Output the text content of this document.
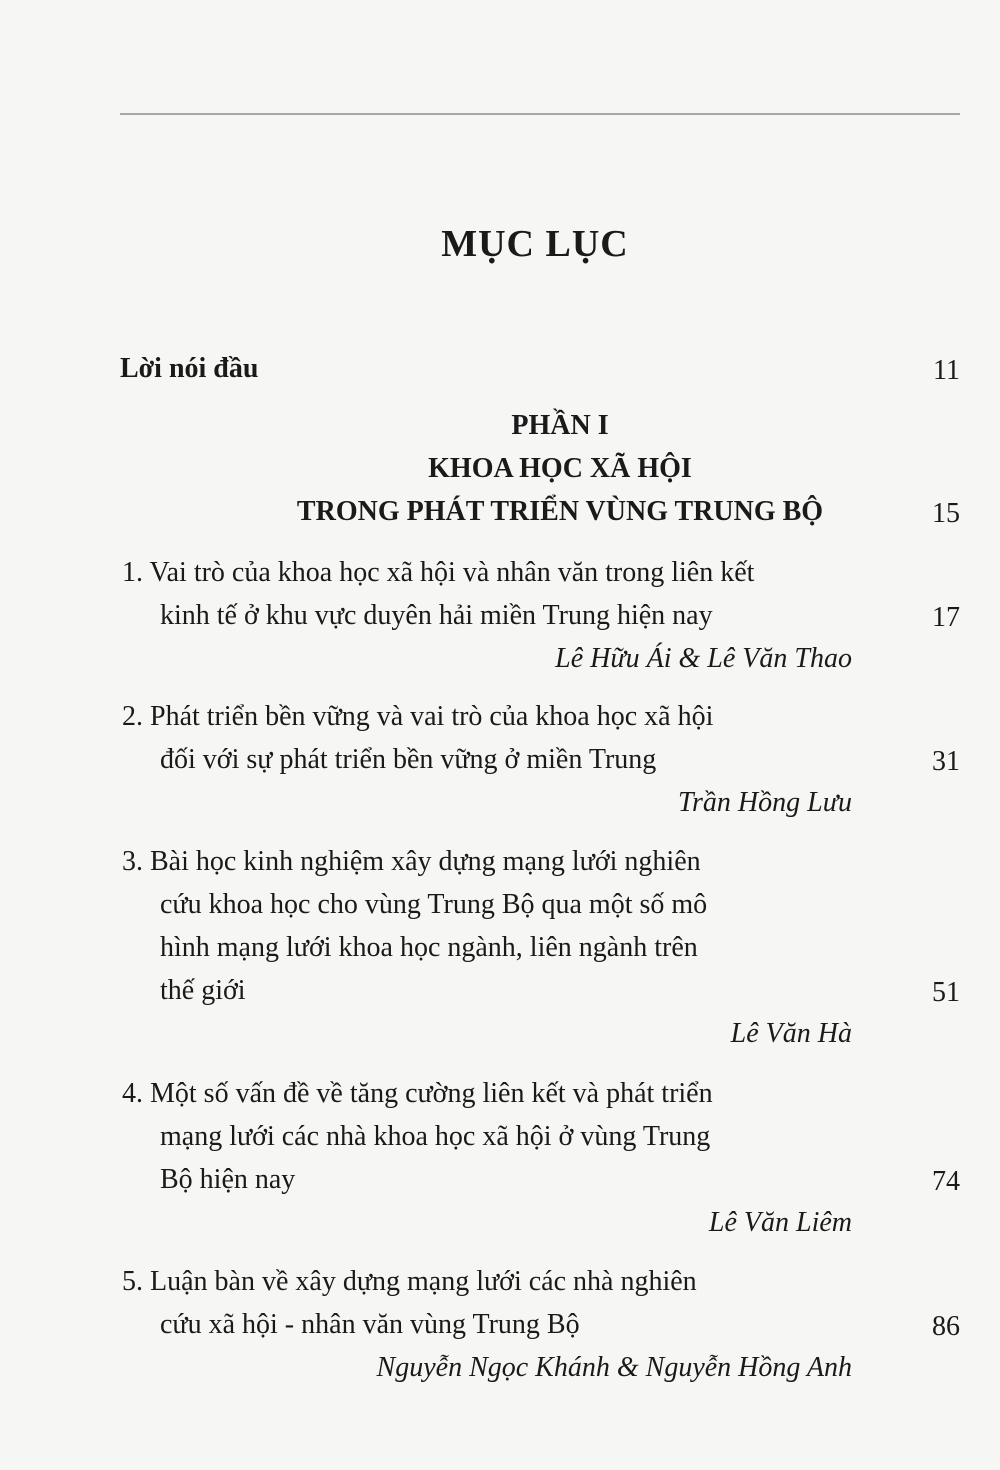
MỤC LỤC
Lời nói đầu	11
PHẦN I
KHOA HỌC XÃ HỘI
TRONG PHÁT TRIỂN VÙNG TRUNG BỘ	15
1. Vai trò của khoa học xã hội và nhân văn trong liên kết
kinh tế ở khu vực duyên hải miền Trung hiện nay	17
Lê Hữu Ái & Lê Văn Thao
2. Phát triển bền vững và vai trò của khoa học xã hội
đối với sự phát triển bền vững ở miền Trung	31
Trần Hồng Lưu
3. Bài học kinh nghiệm xây dựng mạng lưới nghiên
cứu khoa học cho vùng Trung Bộ qua một số mô
hình mạng lưới khoa học ngành, liên ngành trên
thế giới	51
Lê Văn Hà
4. Một số vấn đề về tăng cường liên kết và phát triển
mạng lưới các nhà khoa học xã hội ở vùng Trung
Bộ hiện nay	74
Lê Văn Liêm
5. Luận bàn về xây dựng mạng lưới các nhà nghiên
cứu xã hội - nhân văn vùng Trung Bộ	86
Nguyễn Ngọc Khánh & Nguyễn Hồng Anh
